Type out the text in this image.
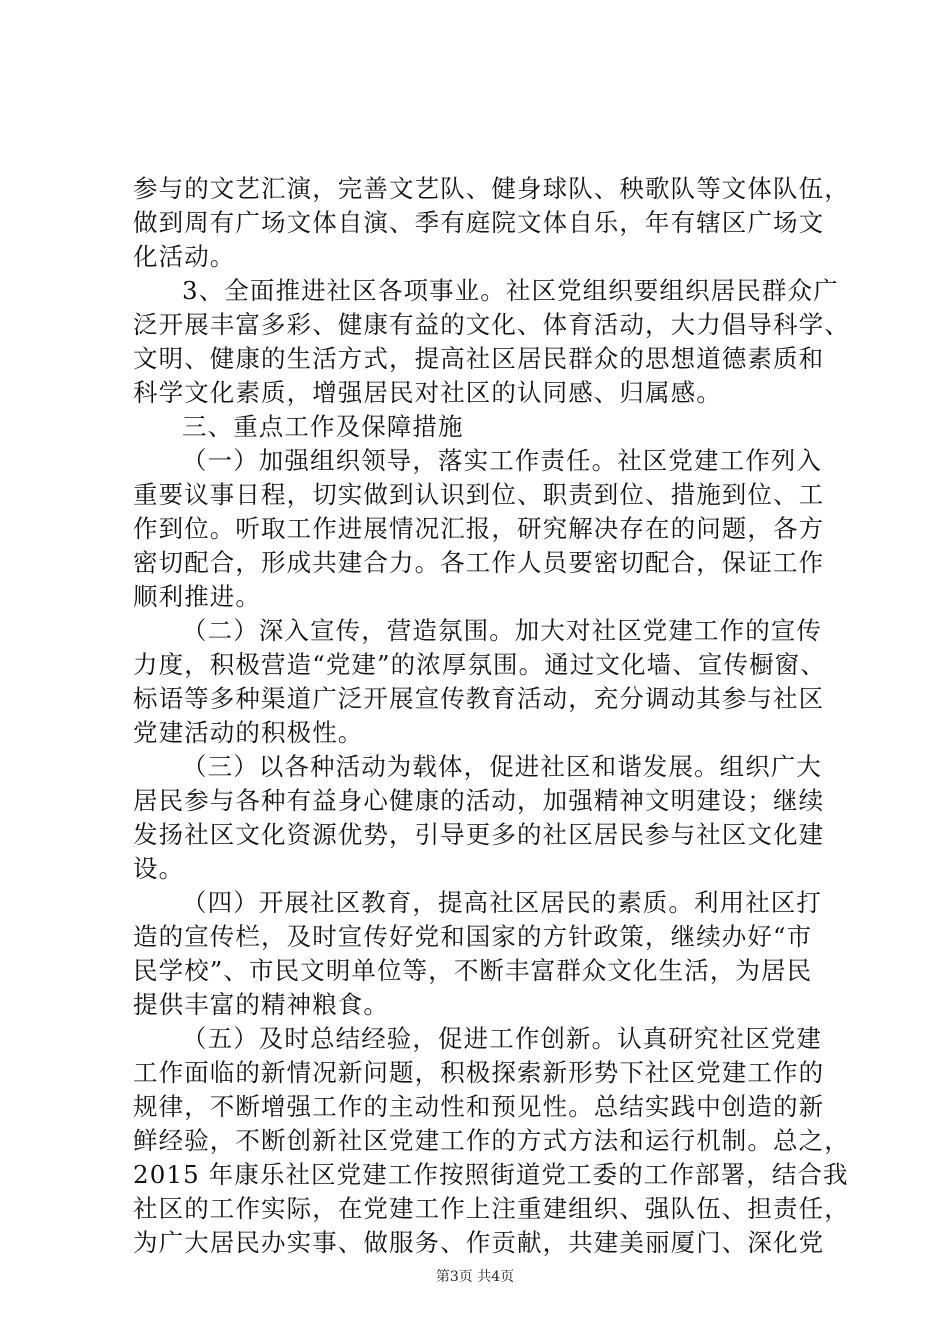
参与的文艺汇演，完善文艺队、健身球队、秧歌队等文体队伍，
做到周有广场文体自演、季有庭院文体自乐，年有辖区广场文
化活动。
3、全面推进社区各项事业。社区党组织要组织居民群众广
泛开展丰富多彩、健康有益的文化、体育活动，大力倡导科学、
文明、健康的生活方式，提高社区居民群众的思想道德素质和
科学文化素质，增强居民对社区的认同感、归属感。
三、重点工作及保障措施
（一）加强组织领导，落实工作责任。社区党建工作列入
重要议事日程，切实做到认识到位、职责到位、措施到位、工
作到位。听取工作进展情况汇报，研究解决存在的问题，各方
密切配合，形成共建合力。各工作人员要密切配合，保证工作
顺利推进。
（二）深入宣传，营造氛围。加大对社区党建工作的宣传
力度，积极营造“党建”的浓厚氛围。通过文化墙、宣传橱窗、
标语等多种渠道广泛开展宣传教育活动，充分调动其参与社区
党建活动的积极性。
（三）以各种活动为载体，促进社区和谐发展。组织广大
居民参与各种有益身心健康的活动，加强精神文明建设；继续
发扬社区文化资源优势，引导更多的社区居民参与社区文化建
设。
（四）开展社区教育，提高社区居民的素质。利用社区打
造的宣传栏，及时宣传好党和国家的方针政策，继续办好“市
民学校”、市民文明单位等，不断丰富群众文化生活，为居民
提供丰富的精神粮食。
（五）及时总结经验，促进工作创新。认真研究社区党建
工作面临的新情况新问题，积极探索新形势下社区党建工作的
规律，不断增强工作的主动性和预见性。总结实践中创造的新
鲜经验，不断创新社区党建工作的方式方法和运行机制。总之，
2015 年康乐社区党建工作按照街道党工委的工作部署，结合我
社区的工作实际，在党建工作上注重建组织、强队伍、担责任，
为广大居民办实事、做服务、作贡献，共建美丽厦门、深化党
第3页 共4页
